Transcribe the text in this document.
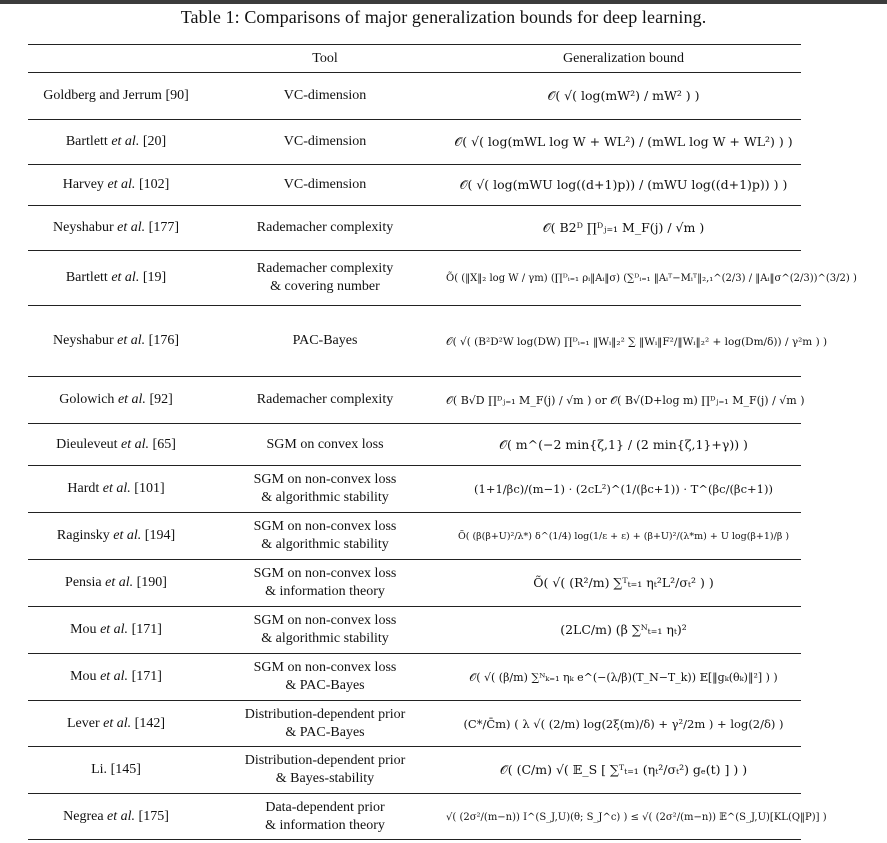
Table 1: Comparisons of major generalization bounds for deep learning.
	Tool	Generalization bound
Goldberg and Jerrum [90]	VC-dimension	𝒪( √( log(mW²) / mW² ) )
Bartlett et al. [20]	VC-dimension	𝒪( √( log(mWL log W + WL²) / (mWL log W + WL²) ) )
Harvey et al. [102]	VC-dimension	𝒪( √( log(mWU log((d+1)p)) / (mWU log((d+1)p)) ) )
Neyshabur et al. [177]	Rademacher complexity	𝒪( B2ᴰ ∏ᴰⱼ₌₁ M_F(j) / √m )
Bartlett et al. [19]	Rademacher complexity
& covering number	Õ( (‖X‖₂ log W / γm) (∏ᴰᵢ₌₁ ρᵢ‖Aᵢ‖σ) (∑ᴰᵢ₌₁ ‖Aᵢᵀ−Mᵢᵀ‖₂,₁^(2/3) / ‖Aᵢ‖σ^(2/3))^(3/2) )
Neyshabur et al. [176]	PAC-Bayes	𝒪( √( (B²D²W log(DW) ∏ᴰᵢ₌₁ ‖Wᵢ‖₂² ∑ ‖Wᵢ‖F²/‖Wᵢ‖₂² + log(Dm/δ)) / γ²m ) )
Golowich et al. [92]	Rademacher complexity	𝒪( B√D ∏ᴰⱼ₌₁ M_F(j) / √m ) or 𝒪( B√(D+log m) ∏ᴰⱼ₌₁ M_F(j) / √m )
Dieuleveut et al. [65]	SGM on convex loss	𝒪( m^(−2 min{ζ,1} / (2 min{ζ,1}+γ)) )
Hardt et al. [101]	SGM on non-convex loss
& algorithmic stability	(1+1/βc)/(m−1) · (2cL²)^(1/(βc+1)) · T^(βc/(βc+1))
Raginsky et al. [194]	SGM on non-convex loss
& algorithmic stability	Õ( (β(β+U)²/λ*) δ^(1/4) log(1/ε + ε) + (β+U)²/(λ*m) + U log(β+1)/β )
Pensia et al. [190]	SGM on non-convex loss
& information theory	Õ( √( (R²/m) ∑ᵀₜ₌₁ ηₜ²L²/σₜ² ) )
Mou et al. [171]	SGM on non-convex loss
& algorithmic stability	(2LC/m) (β ∑ᴺₜ₌₁ ηₜ)²
Mou et al. [171]	SGM on non-convex loss
& PAC-Bayes	𝒪( √( (β/m) ∑ᴺₖ₌₁ ηₖ e^(−(λ/β)(T_N−T_k)) 𝔼[‖gₖ(θₖ)‖²] ) )
Lever et al. [142]	Distribution-dependent prior
& PAC-Bayes	(C*/C̄m) ( λ √( (2/m) log(2ξ(m)/δ) + γ²/2m ) + log(2/δ) )
Li. [145]	Distribution-dependent prior
& Bayes-stability	𝒪( (C/m) √( 𝔼_S [ ∑ᵀₜ₌₁ (ηₜ²/σₜ²) gₑ(t) ] ) )
Negrea et al. [175]	Data-dependent prior
& information theory	√( (2σ²/(m−n)) I^(S_J,U)(θ; S_J^c) ) ≤ √( (2σ²/(m−n)) 𝔼^(S_J,U)[KL(Q‖P)] )
